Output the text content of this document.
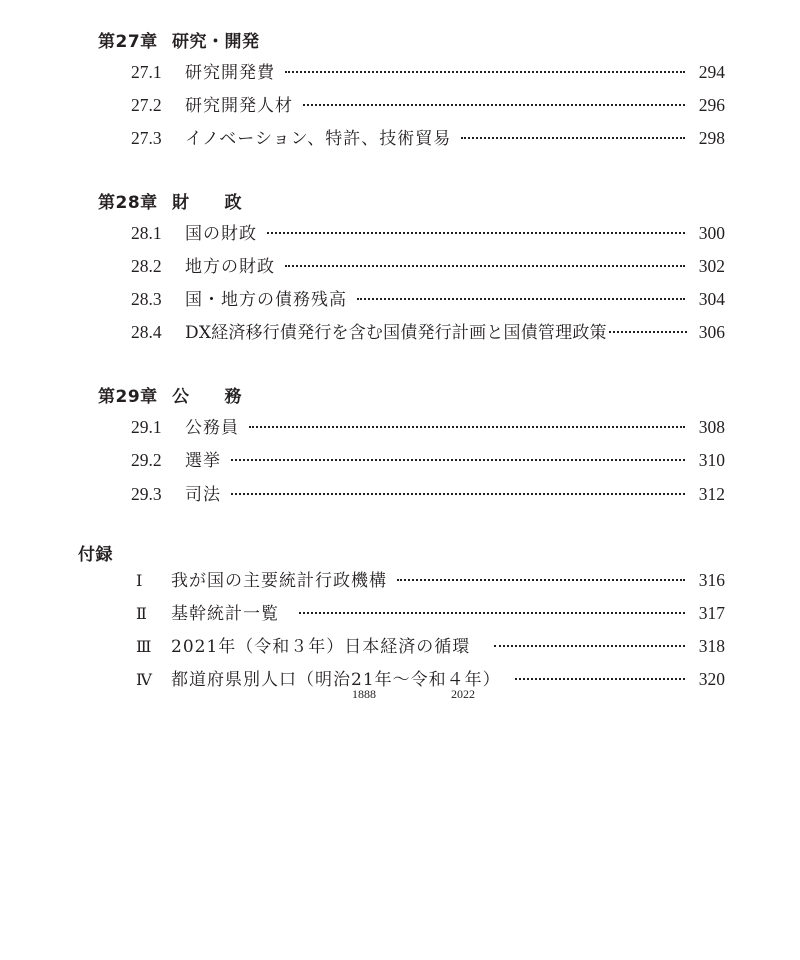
第27章 研究・開発
27.1	研究開発費	294
27.2	研究開発人材	296
27.3	イノベーション、特許、技術貿易	298
第28章 財　　政
28.1	国の財政	300
28.2	地方の財政	302
28.3	国・地方の債務残高	304
28.4	DX経済移行債発行を含む国債発行計画と国債管理政策	306
第29章 公　　務
29.1	公務員	308
29.2	選挙	310
29.3	司法	312
付録
Ⅰ	我が国の主要統計行政機構	316
Ⅱ	基幹統計一覧	317
Ⅲ	2021年（令和３年）日本経済の循環	318
Ⅳ	都道府県別人口（明治21年～令和４年）	320
1888	2022
